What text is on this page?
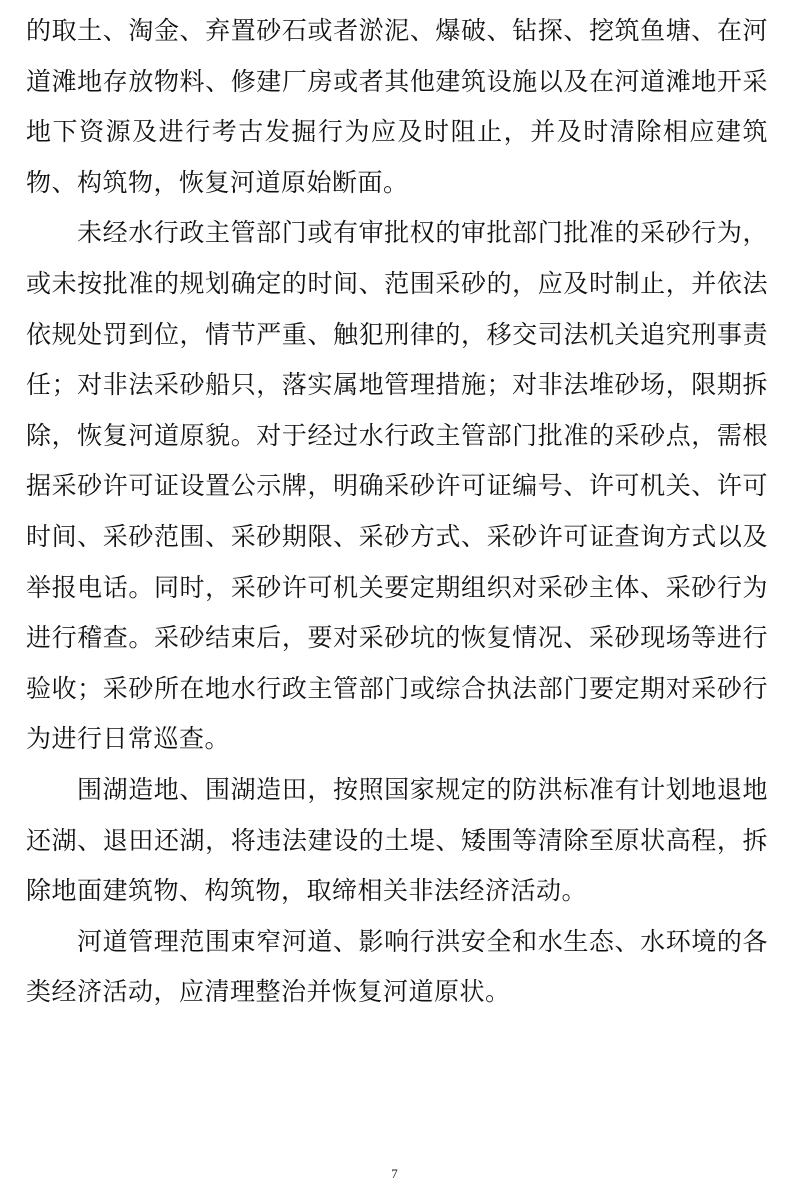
的取土、淘金、弃置砂石或者淤泥、爆破、钻探、挖筑鱼塘、在河道滩地存放物料、修建厂房或者其他建筑设施以及在河道滩地开采地下资源及进行考古发掘行为应及时阻止，并及时清除相应建筑物、构筑物，恢复河道原始断面。

未经水行政主管部门或有审批权的审批部门批准的采砂行为，或未按批准的规划确定的时间、范围采砂的，应及时制止，并依法依规处罚到位，情节严重、触犯刑律的，移交司法机关追究刑事责任；对非法采砂船只，落实属地管理措施；对非法堆砂场，限期拆除，恢复河道原貌。对于经过水行政主管部门批准的采砂点，需根据采砂许可证设置公示牌，明确采砂许可证编号、许可机关、许可时间、采砂范围、采砂期限、采砂方式、采砂许可证查询方式以及举报电话。同时，采砂许可机关要定期组织对采砂主体、采砂行为进行稽查。采砂结束后，要对采砂坑的恢复情况、采砂现场等进行验收；采砂所在地水行政主管部门或综合执法部门要定期对采砂行为进行日常巡查。

围湖造地、围湖造田，按照国家规定的防洪标准有计划地退地还湖、退田还湖，将违法建设的土堤、矮围等清除至原状高程，拆除地面建筑物、构筑物，取缔相关非法经济活动。

河道管理范围束窄河道、影响行洪安全和水生态、水环境的各类经济活动，应清理整治并恢复河道原状。

7
